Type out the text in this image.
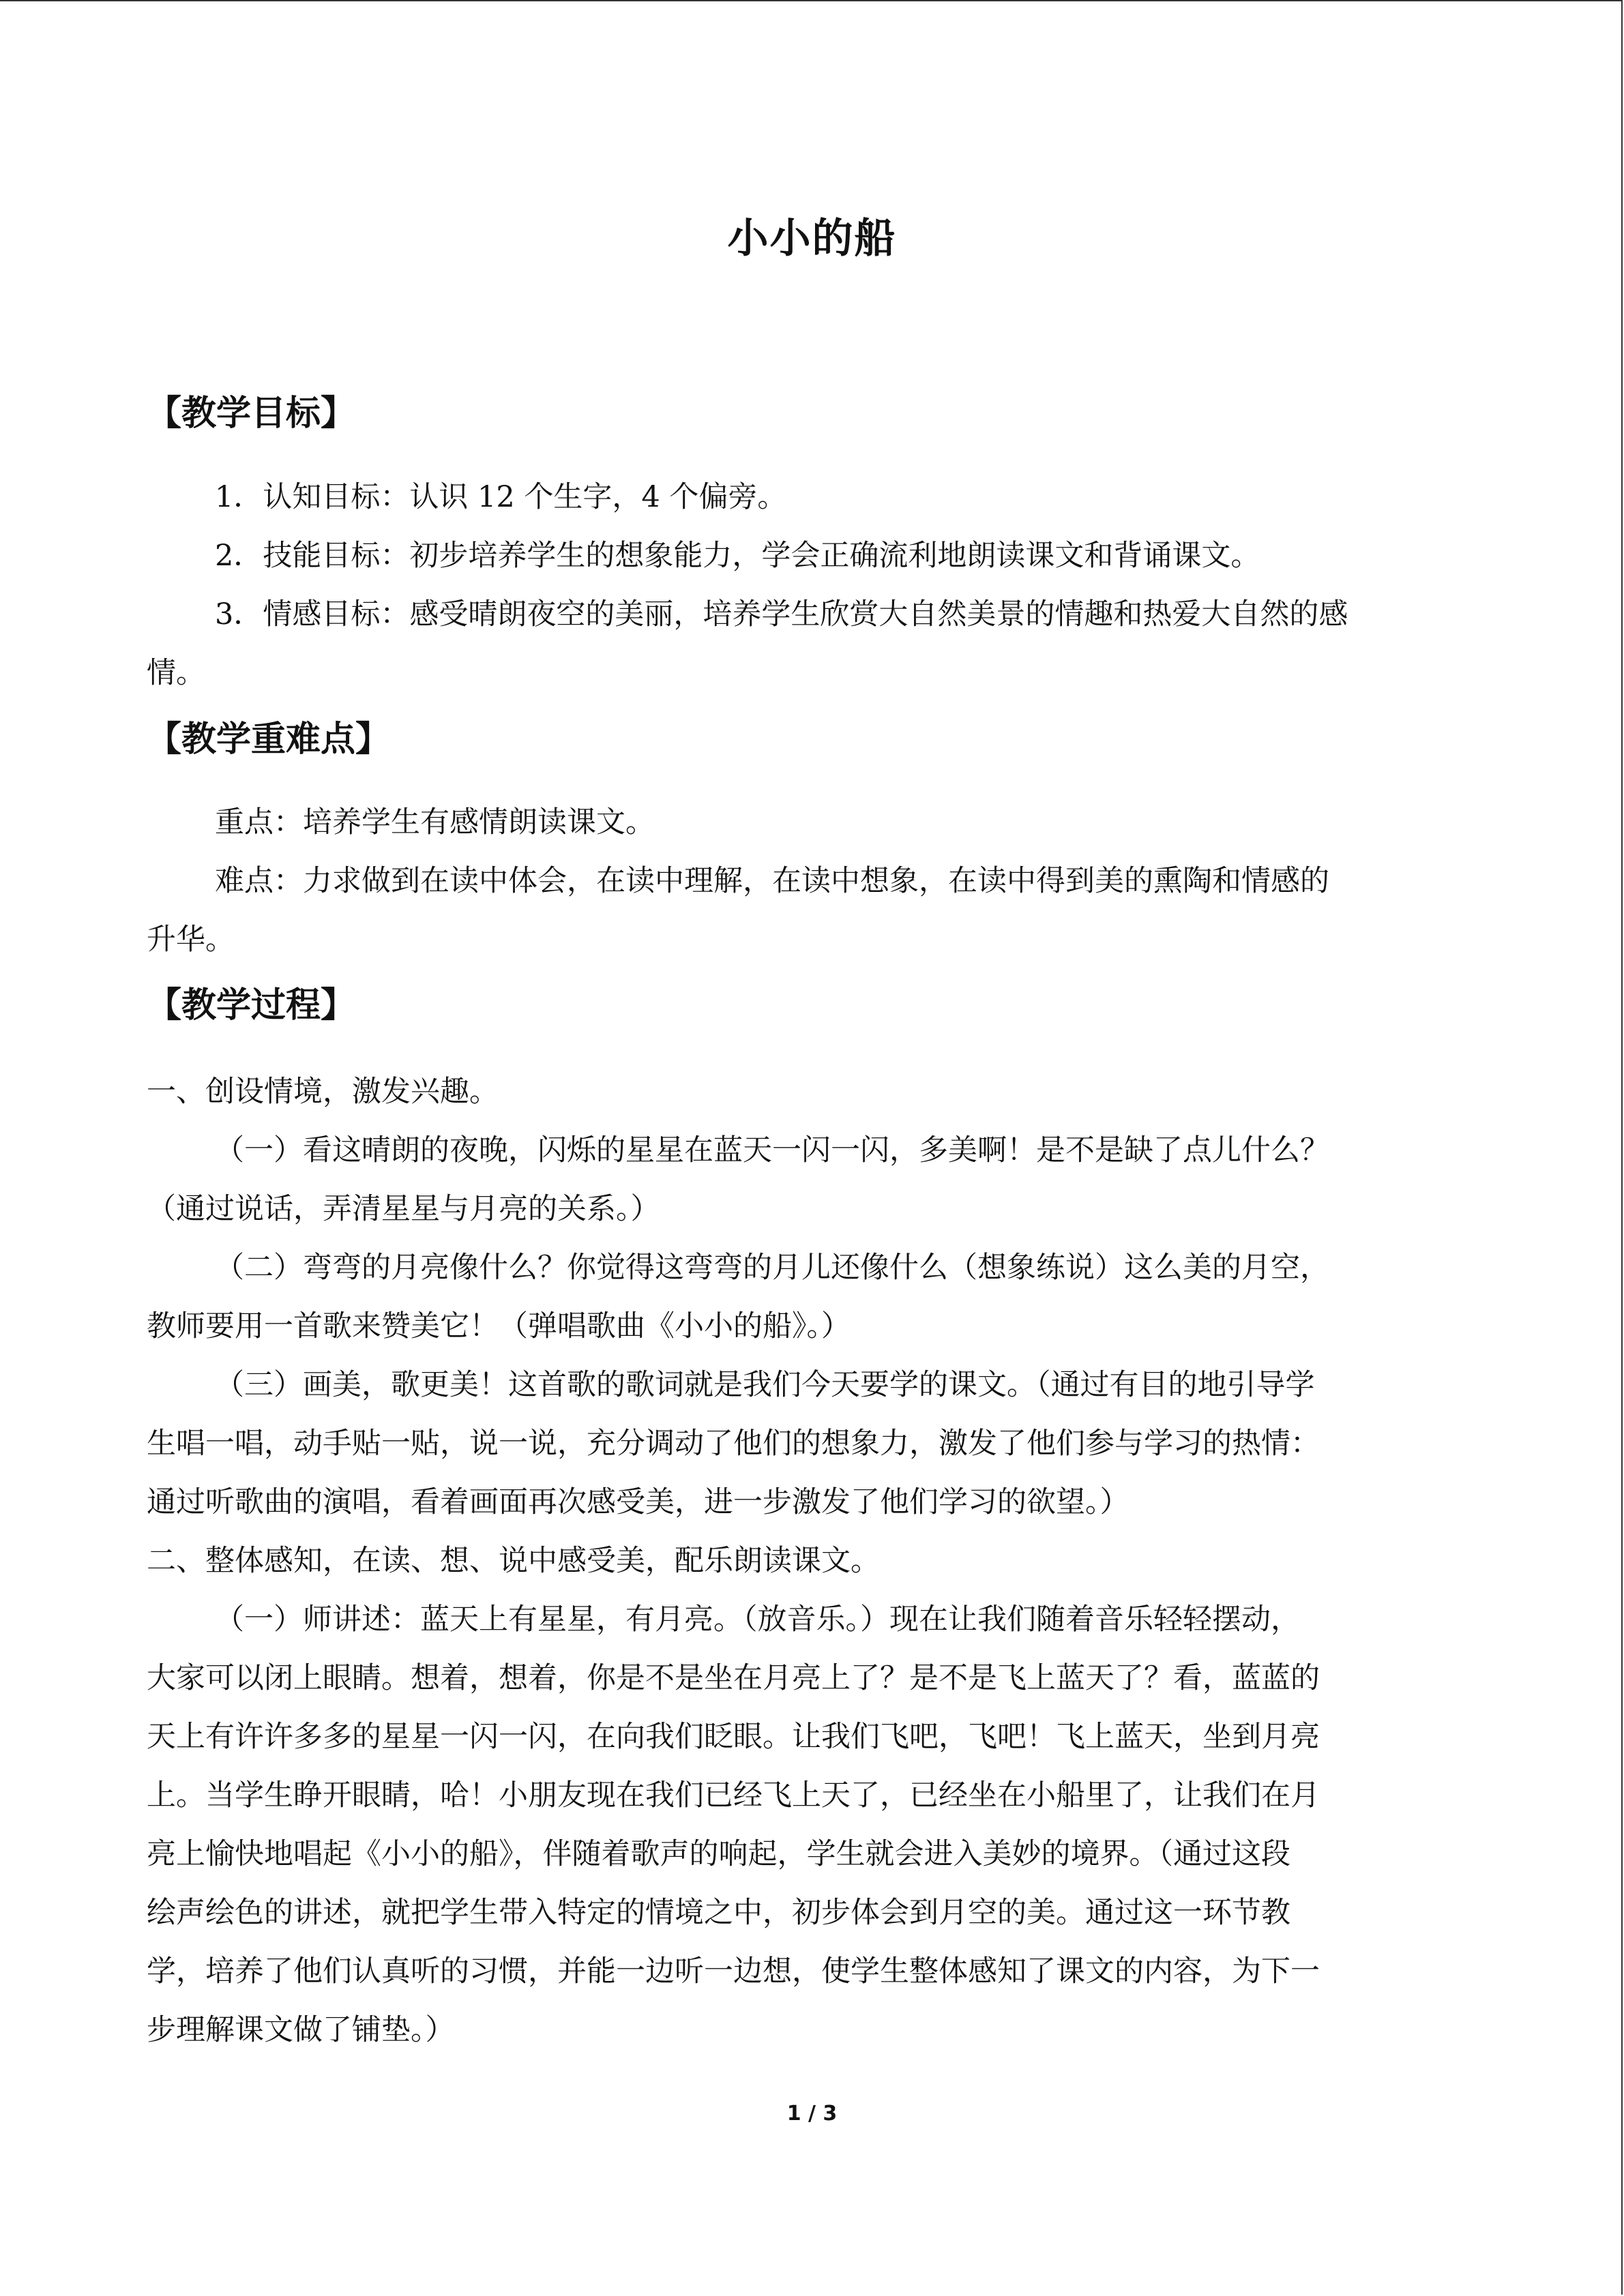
小小的船
【教学目标】
1．认知目标：认识 12 个生字，4 个偏旁。
2．技能目标：初步培养学生的想象能力，学会正确流利地朗读课文和背诵课文。
3．情感目标：感受晴朗夜空的美丽，培养学生欣赏大自然美景的情趣和热爱大自然的感
情。
【教学重难点】
重点：培养学生有感情朗读课文。
难点：力求做到在读中体会，在读中理解，在读中想象，在读中得到美的熏陶和情感的
升华。
【教学过程】
一、创设情境，激发兴趣。
（一）看这晴朗的夜晚，闪烁的星星在蓝天一闪一闪，多美啊！是不是缺了点儿什么？
（通过说话，弄清星星与月亮的关系。）
（二）弯弯的月亮像什么？你觉得这弯弯的月儿还像什么（想象练说）这么美的月空，
教师要用一首歌来赞美它！（弹唱歌曲《小小的船》。）
（三）画美，歌更美！这首歌的歌词就是我们今天要学的课文。（通过有目的地引导学
生唱一唱，动手贴一贴，说一说，充分调动了他们的想象力，激发了他们参与学习的热情：
通过听歌曲的演唱，看着画面再次感受美，进一步激发了他们学习的欲望。）
二、整体感知，在读、想、说中感受美，配乐朗读课文。
（一）师讲述：蓝天上有星星，有月亮。（放音乐。）现在让我们随着音乐轻轻摆动，
大家可以闭上眼睛。想着，想着，你是不是坐在月亮上了？是不是飞上蓝天了？看，蓝蓝的
天上有许许多多的星星一闪一闪，在向我们眨眼。让我们飞吧，飞吧！飞上蓝天，坐到月亮
上。当学生睁开眼睛，哈！小朋友现在我们已经飞上天了，已经坐在小船里了，让我们在月
亮上愉快地唱起《小小的船》，伴随着歌声的响起，学生就会进入美妙的境界。（通过这段
绘声绘色的讲述，就把学生带入特定的情境之中，初步体会到月空的美。通过这一环节教
学，培养了他们认真听的习惯，并能一边听一边想，使学生整体感知了课文的内容，为下一
步理解课文做了铺垫。）
1 / 3
